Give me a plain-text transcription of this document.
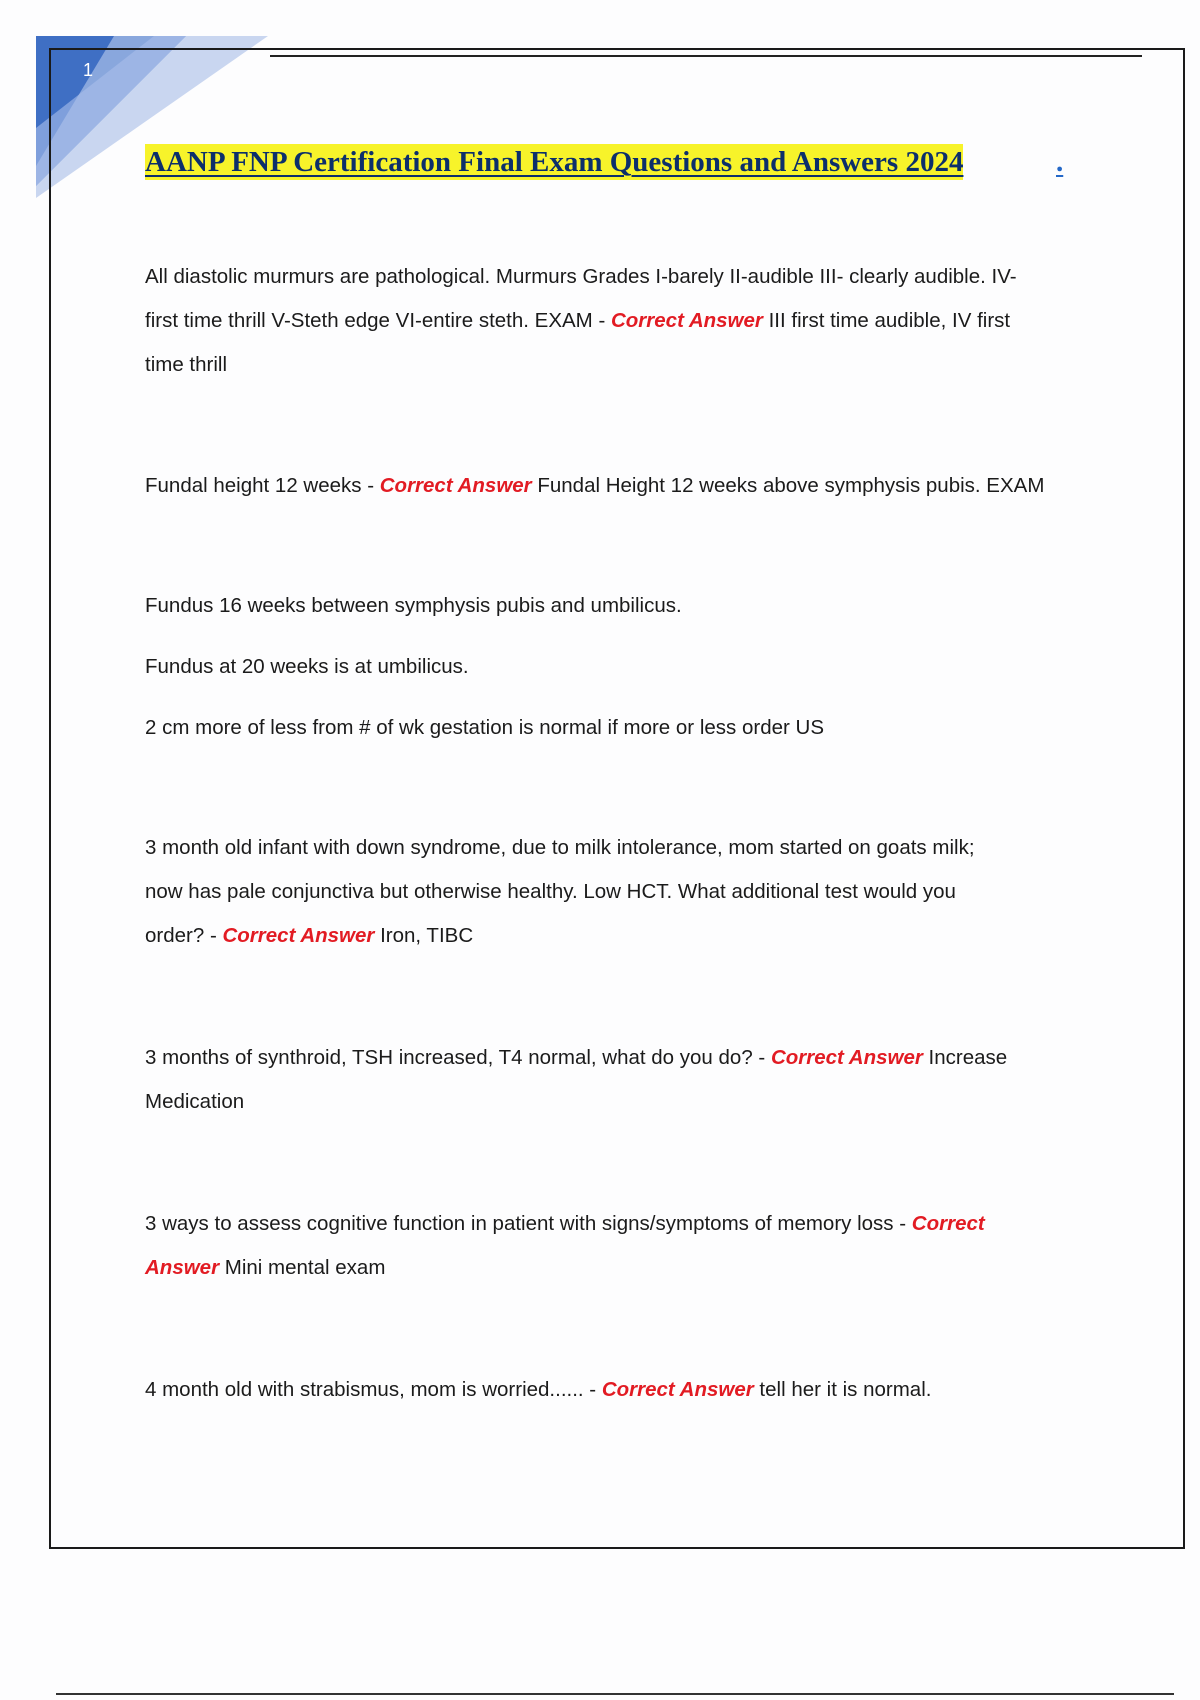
1
AANP FNP Certification Final Exam Questions and Answers 2024	.
All diastolic murmurs are pathological. Murmurs Grades I-barely II-audible III- clearly audible. IV-
first time thrill V-Steth edge VI-entire steth. EXAM - Correct Answer III first time audible, IV first
time thrill
Fundal height 12 weeks - Correct Answer Fundal Height 12 weeks above symphysis pubis. EXAM
Fundus 16 weeks between symphysis pubis and umbilicus.
Fundus at 20 weeks is at umbilicus.
2 cm more of less from # of wk gestation is normal if more or less order US
3 month old infant with down syndrome, due to milk intolerance, mom started on goats milk;
now has pale conjunctiva but otherwise healthy. Low HCT. What additional test would you
order? - Correct Answer Iron, TIBC
3 months of synthroid, TSH increased, T4 normal, what do you do? - Correct Answer Increase
Medication
3 ways to assess cognitive function in patient with signs/symptoms of memory loss - Correct
Answer Mini mental exam
4 month old with strabismus, mom is worried...... - Correct Answer tell her it is normal.
